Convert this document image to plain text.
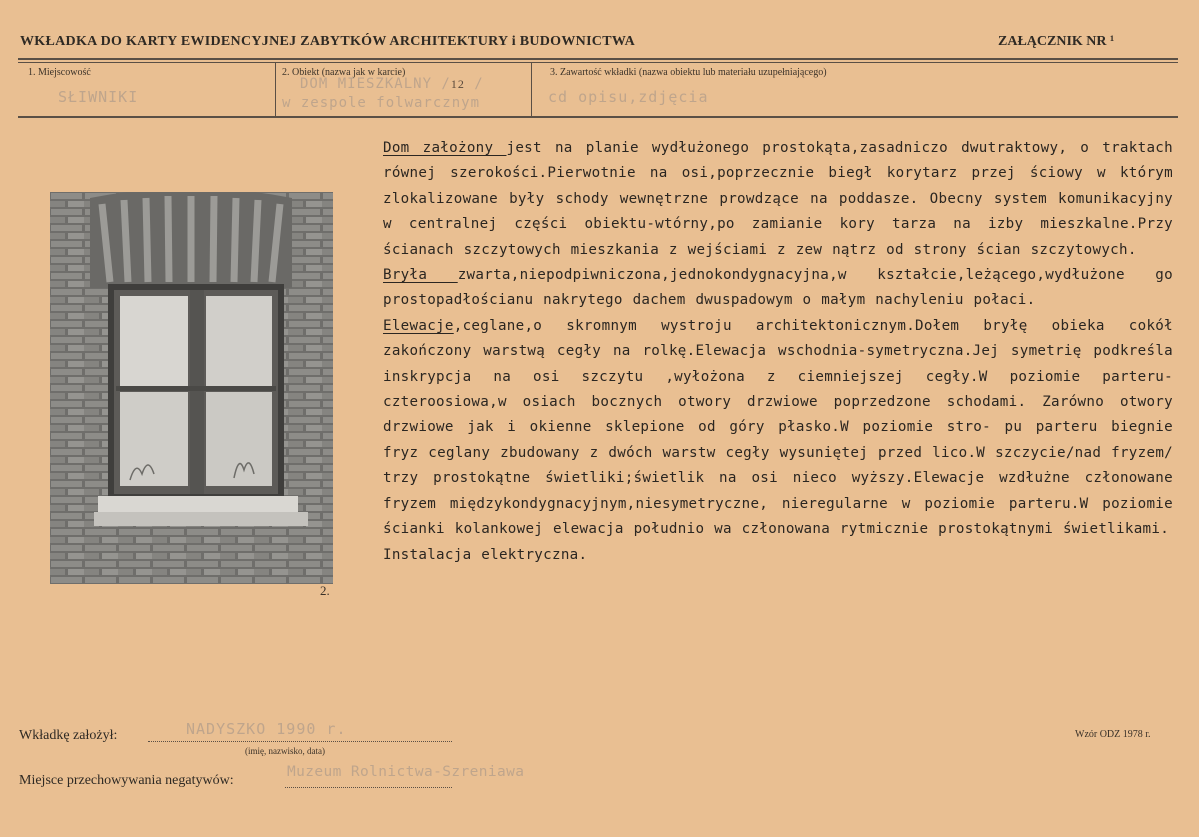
WKŁADKA DO KARTY EWIDENCYJNEJ ZABYTKÓW ARCHITEKTURY i BUDOWNICTWA	ZAŁĄCZNIK NR ¹
1. Miejscowość
SŁIWNIKI
2. Obiekt (nazwa jak w karcie)
DOM MIESZKALNY /12 /
w zespole folwarcznym
3. Zawartość wkładki (nazwa obiektu lub materiału uzupełniającego)
cd opisu,zdjęcia
2.

Dom założony jest na planie wydłużonego prostokąta,zasadniczo dwutraktowy, o traktach równej szerokości.Pierwotnie na osi,poprzecznie biegł korytarz przej ściowy w którym zlokalizowane były schody wewnętrzne prowdzące na poddasze. Obecny system komunikacyjny w centralnej części obiektu-wtórny,po zamianie kory tarza na izby mieszkalne.Przy ścianach szczytowych mieszkania z wejściami z zew nątrz od strony ścian szczytowych.

Bryła zwarta,niepodpiwniczona,jednokondygnacyjna,w kształcie,leżącego,wydłużone go prostopadłościanu nakrytego dachem dwuspadowym o małym nachyleniu połaci.

Elewacje,ceglane,o skromnym wystroju architektonicznym.Dołem bryłę obieka cokół zakończony warstwą cegły na rolkę.Elewacja wschodnia-symetryczna.Jej symetrię podkreśla inskrypcja na osi szczytu ,wyłożona z ciemniejszej cegły.W poziomie parteru-czteroosiowa,w osiach bocznych otwory drzwiowe poprzedzone schodami. Zarówno otwory drzwiowe jak i okienne sklepione od góry płasko.W poziomie stro- pu parteru biegnie fryz ceglany zbudowany z dwóch warstw cegły wysuniętej przed lico.W szczycie/nad fryzem/ trzy prostokątne świetliki;świetlik na osi nieco wyższy.Elewacje wzdłużne członowane fryzem międzykondygnacyjnym,niesymetryczne, nieregularne w poziomie parteru.W poziomie ścianki kolankowej elewacja południo wa członowana rytmicznie prostokątnymi świetlikami.

Instalacja elektryczna.

Wkładkę założył:	NADYSZKO 1990 r.
(imię, nazwisko, data)
Miejsce przechowywania negatywów:
Muzeum Rolnictwa-Szreniawa
Wzór ODZ 1978 r.
